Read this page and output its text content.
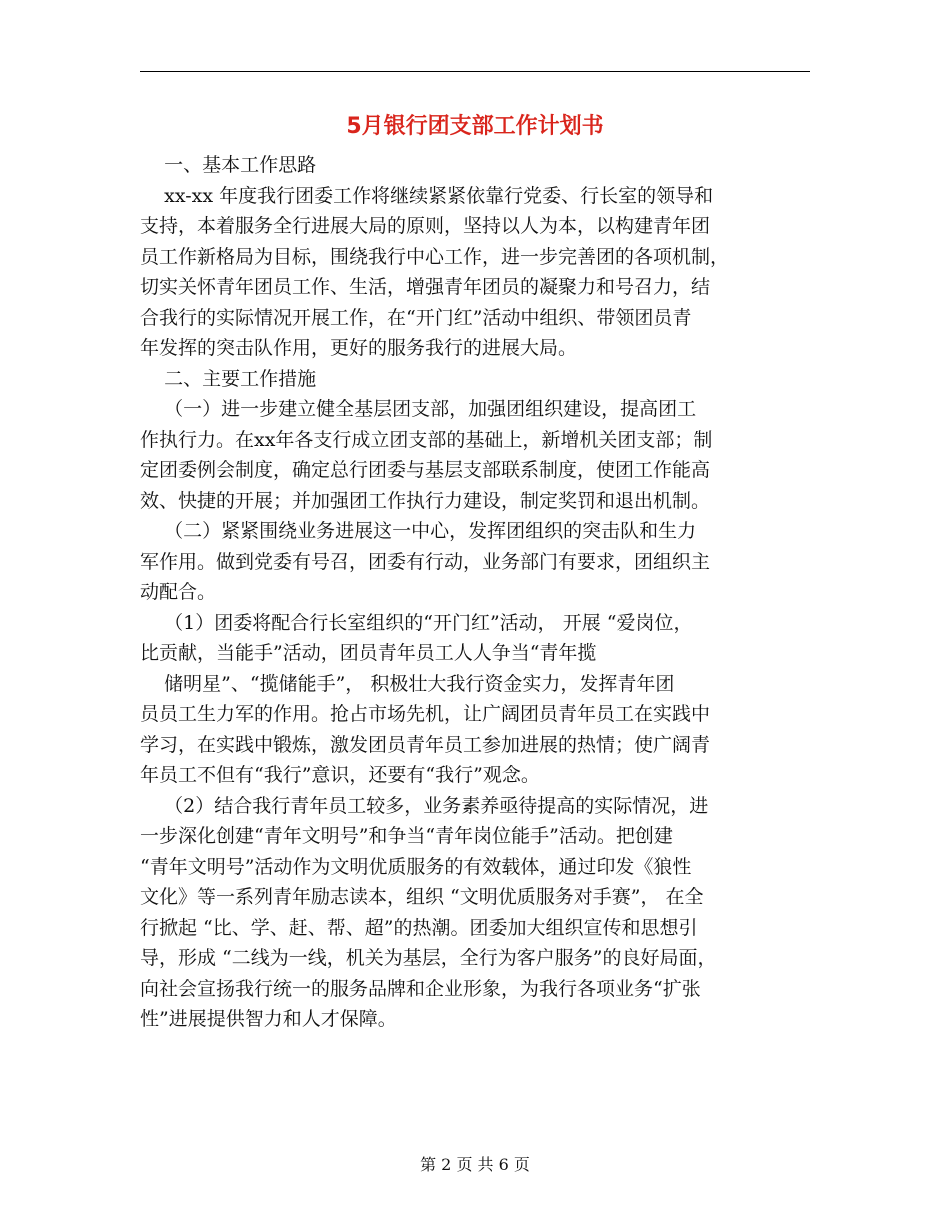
5月银行团支部工作计划书
一、基本工作思路
xx-xx 年度我行团委工作将继续紧紧依靠行党委、行长室的领导和
支持，本着服务全行进展大局的原则，坚持以人为本，以构建青年团
员工作新格局为目标，围绕我行中心工作，进一步完善团的各项机制，
切实关怀青年团员工作、生活，增强青年团员的凝聚力和号召力，结
合我行的实际情况开展工作，在“开门红”活动中组织、带领团员青
年发挥的突击队作用，更好的服务我行的进展大局。
二、主要工作措施
（一）进一步建立健全基层团支部，加强团组织建设，提高团工
作执行力。在xx年各支行成立团支部的基础上，新增机关团支部；制
定团委例会制度，确定总行团委与基层支部联系制度，使团工作能高
效、快捷的开展；并加强团工作执行力建设，制定奖罚和退出机制。
（二）紧紧围绕业务进展这一中心，发挥团组织的突击队和生力
军作用。做到党委有号召，团委有行动，业务部门有要求，团组织主
动配合。
（1）团委将配合行长室组织的“开门红”活动， 开展 “爱岗位，
比贡献，当能手”活动，团员青年员工人人争当“青年揽
储明星”、“揽储能手”， 积极壮大我行资金实力，发挥青年团
员员工生力军的作用。抢占市场先机，让广阔团员青年员工在实践中
学习，在实践中锻炼，激发团员青年员工参加进展的热情；使广阔青
年员工不但有“我行”意识，还要有“我行”观念。
（2）结合我行青年员工较多，业务素养亟待提高的实际情况，进
一步深化创建“青年文明号”和争当“青年岗位能手”活动。把创建
“青年文明号”活动作为文明优质服务的有效载体，通过印发《狼性
文化》等一系列青年励志读本，组织 “文明优质服务对手赛”， 在全
行掀起 “比、学、赶、帮、超”的热潮。团委加大组织宣传和思想引
导，形成 “二线为一线，机关为基层，全行为客户服务”的良好局面，
向社会宣扬我行统一的服务品牌和企业形象，为我行各项业务“扩张
性”进展提供智力和人才保障。
第 2 页 共 6 页
